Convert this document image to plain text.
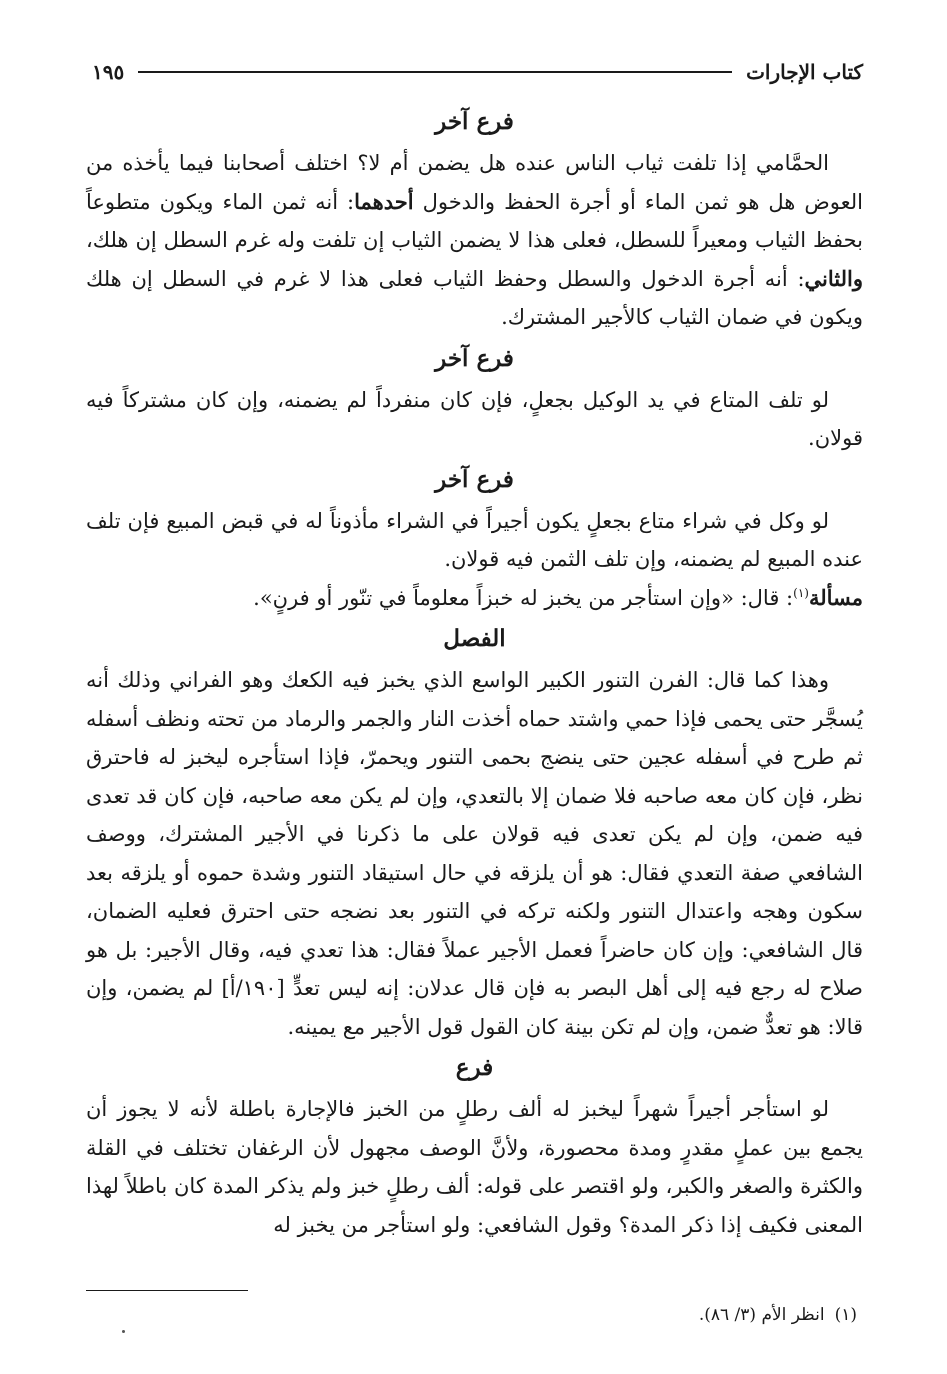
كتاب الإجارات
١٩٥
فرع آخر

الحمَّامي إذا تلفت ثياب الناس عنده هل يضمن أم لا؟ اختلف أصحابنا فيما يأخذه من العوض هل هو ثمن الماء أو أجرة الحفظ والدخول أحدهما: أنه ثمن الماء ويكون متطوعاً بحفظ الثياب ومعيراً للسطل، فعلى هذا لا يضمن الثياب إن تلفت وله غرم السطل إن هلك، والثاني: أنه أجرة الدخول والسطل وحفظ الثياب فعلى هذا لا غرم في السطل إن هلك ويكون في ضمان الثياب كالأجير المشترك.

فرع آخر

لو تلف المتاع في يد الوكيل بجعلٍ، فإن كان منفرداً لم يضمنه، وإن كان مشتركاً فيه قولان.

فرع آخر

لو وكل في شراء متاع بجعلٍ يكون أجيراً في الشراء مأذوناً له في قبض المبيع فإن تلف عنده المبيع لم يضمنه، وإن تلف الثمن فيه قولان.

مسألة$^{(١)}$: قال: «وإن استأجر من يخبز له خبزاً معلوماً في تنّور أو فرنٍ».

الفصل

وهذا كما قال: الفرن التنور الكبير الواسع الذي يخبز فيه الكعك وهو الفراني وذلك أنه يُسجَّر حتى يحمى فإذا حمي واشتد حماه أخذت النار والجمر والرماد من تحته ونظف أسفله ثم طرح في أسفله عجين حتى ينضج بحمى التنور ويحمرّ، فإذا استأجره ليخبز له فاحترق نظر، فإن كان معه صاحبه فلا ضمان إلا بالتعدي، وإن لم يكن معه صاحبه، فإن كان قد تعدى فيه ضمن، وإن لم يكن تعدى فيه قولان على ما ذكرنا في الأجير المشترك، ووصف الشافعي صفة التعدي فقال: هو أن يلزقه في حال استيقاد التنور وشدة حموه أو يلزقه بعد سكون وهجه واعتدال التنور ولكنه تركه في التنور بعد نضجه حتى احترق فعليه الضمان، قال الشافعي: وإن كان حاضراً فعمل الأجير عملاً فقال: هذا تعدي فيه، وقال الأجير: بل هو صلاح له رجع فيه إلى أهل البصر به فإن قال عدلان: إنه ليس تعدٍّ [١٩٠/أ] لم يضمن، وإن قالا: هو تعدٌّ ضمن، وإن لم تكن بينة كان القول قول الأجير مع يمينه.

فرع

لو استأجر أجيراً شهراً ليخبز له ألف رطلٍ من الخبز فالإجارة باطلة لأنه لا يجوز أن يجمع بين عملٍ مقدرٍ ومدة محصورة، ولأنَّ الوصف مجهول لأن الرغفان تختلف في القلة والكثرة والصغر والكبر، ولو اقتصر على قوله: ألف رطلٍ خبز ولم يذكر المدة كان باطلاً لهذا المعنى فكيف إذا ذكر المدة؟ وقول الشافعي: ولو استأجر من يخبز له

(١)انظر الأم (٣/ ٨٦).
